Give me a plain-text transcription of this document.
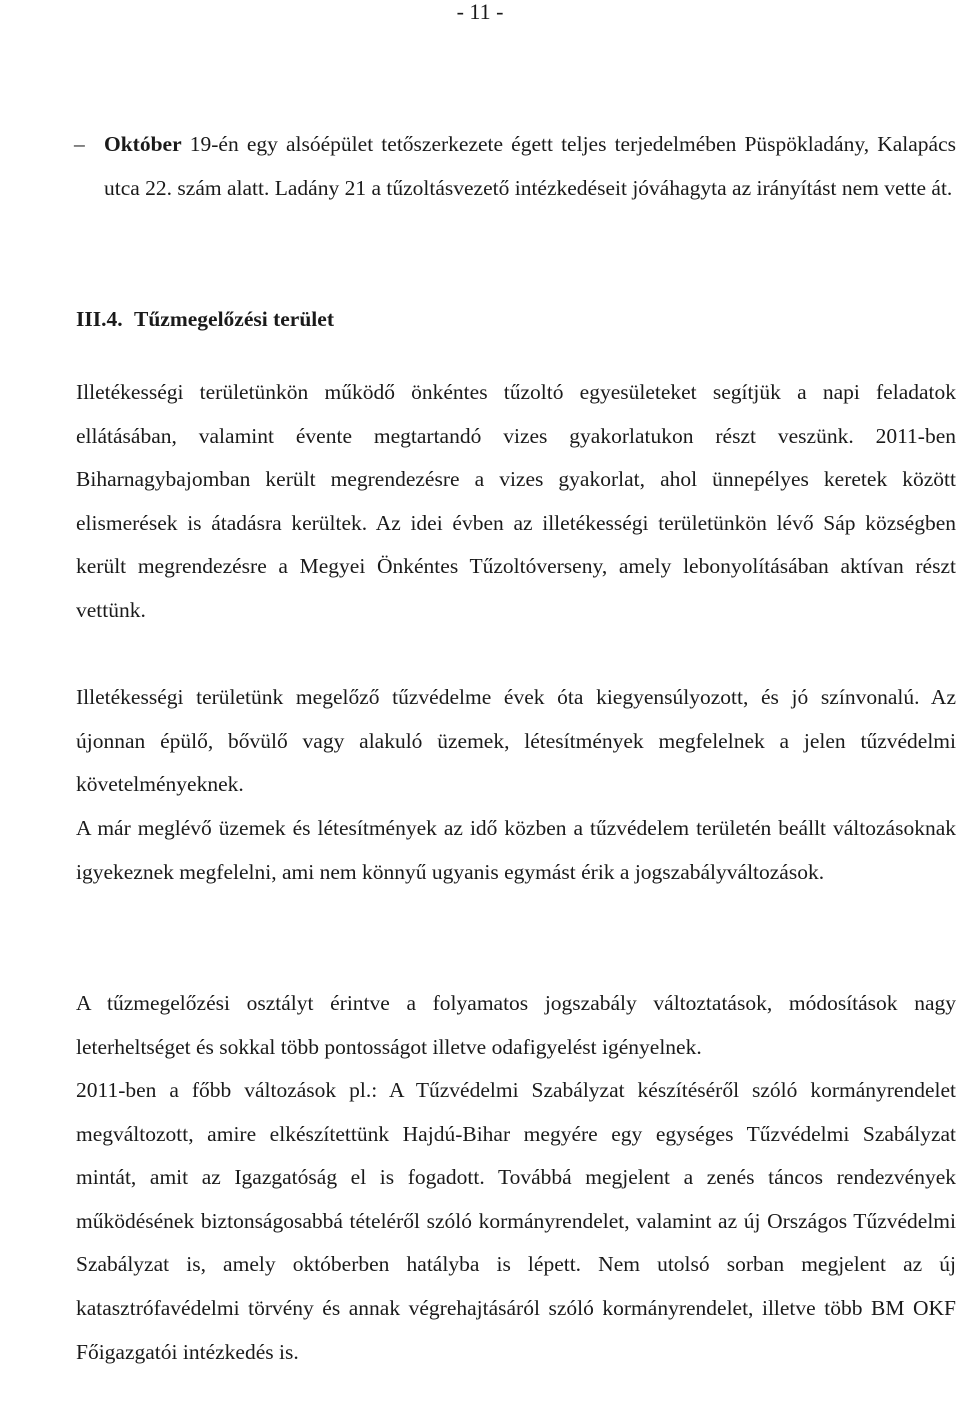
- 11 -
– Október 19-én egy alsóépület tetőszerkezete égett teljes terjedelmében Püspökladány, Kalapács utca 22. szám alatt. Ladány 21 a tűzoltásvezető intézkedéseit jóváhagyta az irányítást nem vette át.
III.4. Tűzmegelőzési terület

Illetékességi területünkön működő önkéntes tűzoltó egyesületeket segítjük a napi feladatok ellátásában, valamint évente megtartandó vizes gyakorlatukon részt veszünk. 2011-ben Biharnagybajomban került megrendezésre a vizes gyakorlat, ahol ünnepélyes keretek között elismerések is átadásra kerültek. Az idei évben az illetékességi területünkön lévő Sáp községben került megrendezésre a Megyei Önkéntes Tűzoltóverseny, amely lebonyolításában aktívan részt vettünk.

Illetékességi területünk megelőző tűzvédelme évek óta kiegyensúlyozott, és jó színvonalú. Az újonnan épülő, bővülő vagy alakuló üzemek, létesítmények megfelelnek a jelen tűzvédelmi követelményeknek.

A már meglévő üzemek és létesítmények az idő közben a tűzvédelem területén beállt változásoknak igyekeznek megfelelni, ami nem könnyű ugyanis egymást érik a jogszabályváltozások.

A tűzmegelőzési osztályt érintve a folyamatos jogszabály változtatások, módosítások nagy leterheltséget és sokkal több pontosságot illetve odafigyelést igényelnek.

2011-ben a főbb változások pl.: A Tűzvédelmi Szabályzat készítéséről szóló kormányrendelet megváltozott, amire elkészítettünk Hajdú-Bihar megyére egy egységes Tűzvédelmi Szabályzat mintát, amit az Igazgatóság el is fogadott. Továbbá megjelent a zenés táncos rendezvények működésének biztonságosabbá tételéről szóló kormányrendelet, valamint az új Országos Tűzvédelmi Szabályzat is, amely októberben hatályba is lépett. Nem utolsó sorban megjelent az új katasztrófavédelmi törvény és annak végrehajtásáról szóló kormányrendelet, illetve több BM OKF Főigazgatói intézkedés is.
